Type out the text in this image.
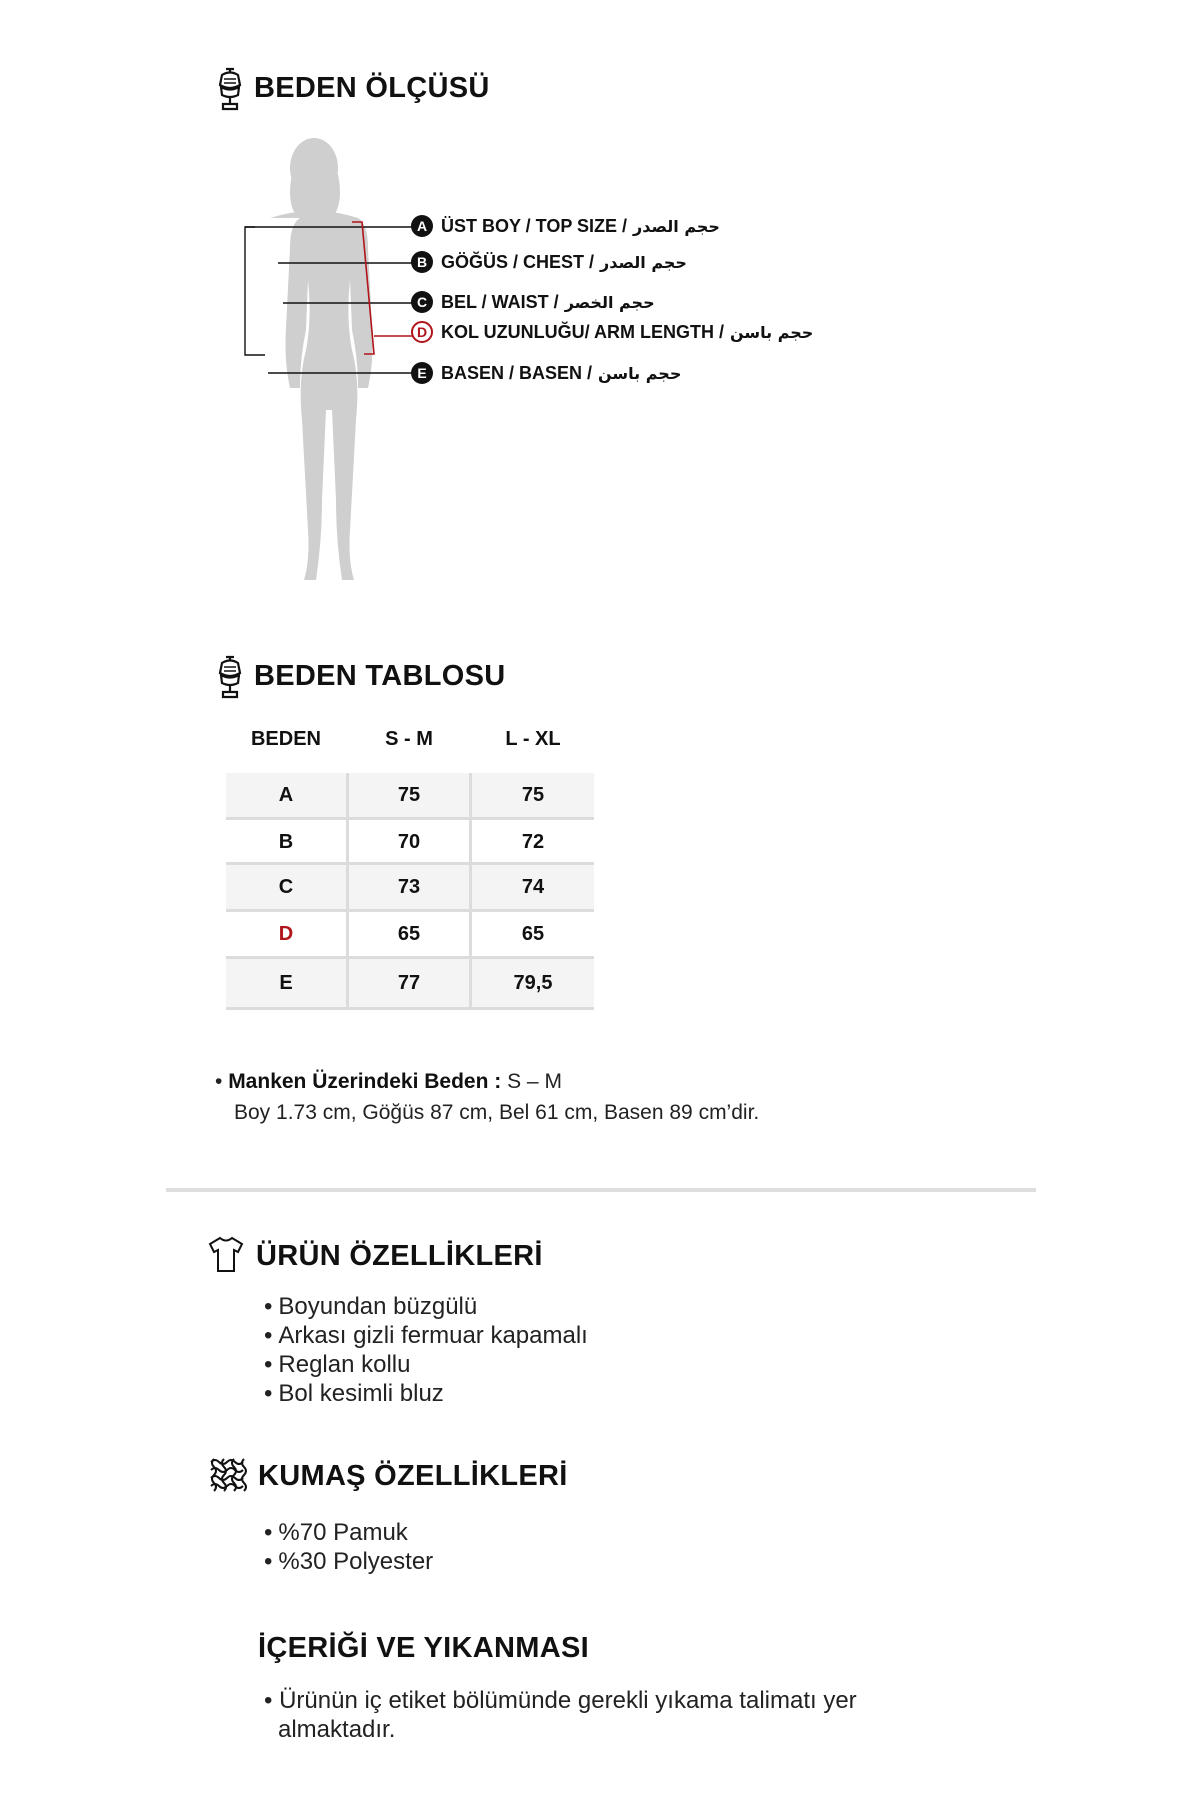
BEDEN ÖLÇÜSÜ
A ÜST BOY / TOP SIZE / حجم الصدر
B GÖĞÜS / CHEST / حجم الصدر
C BEL / WAIST / حجم الخصر
D KOL UZUNLUĞU/ ARM LENGTH / حجم باسن
E BASEN / BASEN / حجم باسن
BEDEN TABLOSU
BEDEN	S - M	L - XL
A	75	75
B	70	72
C	73	74
D	65	65
E	77	79,5
• Manken Üzerindeki Beden : S – M
Boy 1.73 cm, Göğüs 87 cm, Bel 61 cm, Basen 89 cm’dir.
ÜRÜN ÖZELLİKLERİ
• Boyundan büzgülü
• Arkası gizli fermuar kapamalı
• Reglan kollu
• Bol kesimli bluz
KUMAŞ ÖZELLİKLERİ
• %70 Pamuk
• %30 Polyester
İÇERİĞİ VE YIKANMASI
• Ürünün iç etiket bölümünde gerekli yıkama talimatı yer
almaktadır.
